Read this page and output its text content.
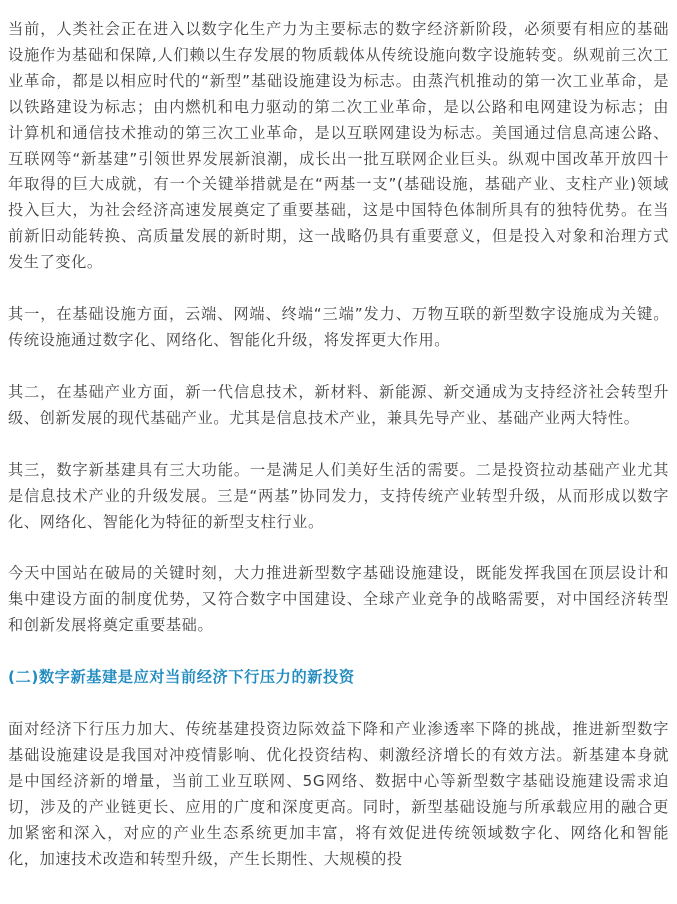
当前，人类社会正在进入以数字化生产力为主要标志的数字经济新阶段，必须要有相应的基础设施作为基础和保障,人们赖以生存发展的物质载体从传统设施向数字设施转变。纵观前三次工业革命，都是以相应时代的“新型”基础设施建设为标志。由蒸汽机推动的第一次工业革命，是以铁路建设为标志；由内燃机和电力驱动的第二次工业革命，是以公路和电网建设为标志；由计算机和通信技术推动的第三次工业革命，是以互联网建设为标志。美国通过信息高速公路、互联网等“新基建”引领世界发展新浪潮，成长出一批互联网企业巨头。纵观中国改革开放四十年取得的巨大成就，有一个关键举措就是在“两基一支”(基础设施，基础产业、支柱产业)领域投入巨大，为社会经济高速发展奠定了重要基础，这是中国特色体制所具有的独特优势。在当前新旧动能转换、高质量发展的新时期，这一战略仍具有重要意义，但是投入对象和治理方式发生了变化。

其一，在基础设施方面，云端、网端、终端“三端”发力、万物互联的新型数字设施成为关键。传统设施通过数字化、网络化、智能化升级，将发挥更大作用。

其二，在基础产业方面，新一代信息技术，新材料、新能源、新交通成为支持经济社会转型升级、创新发展的现代基础产业。尤其是信息技术产业，兼具先导产业、基础产业两大特性。

其三，数字新基建具有三大功能。一是满足人们美好生活的需要。二是投资拉动基础产业尤其是信息技术产业的升级发展。三是“两基”协同发力，支持传统产业转型升级，从而形成以数字化、网络化、智能化为特征的新型支柱行业。

今天中国站在破局的关键时刻，大力推进新型数字基础设施建设，既能发挥我国在顶层设计和集中建设方面的制度优势，又符合数字中国建设、全球产业竞争的战略需要，对中国经济转型和创新发展将奠定重要基础。

(二)数字新基建是应对当前经济下行压力的新投资

面对经济下行压力加大、传统基建投资边际效益下降和产业渗透率下降的挑战，推进新型数字基础设施建设是我国对冲疫情影响、优化投资结构、刺激经济增长的有效方法。新基建本身就是中国经济新的增量，当前工业互联网、5G网络、数据中心等新型数字基础设施建设需求迫切，涉及的产业链更长、应用的广度和深度更高。同时，新型基础设施与所承载应用的融合更加紧密和深入，对应的产业生态系统更加丰富，将有效促进传统领域数字化、网络化和智能化，加速技术改造和转型升级，产生长期性、大规模的投
